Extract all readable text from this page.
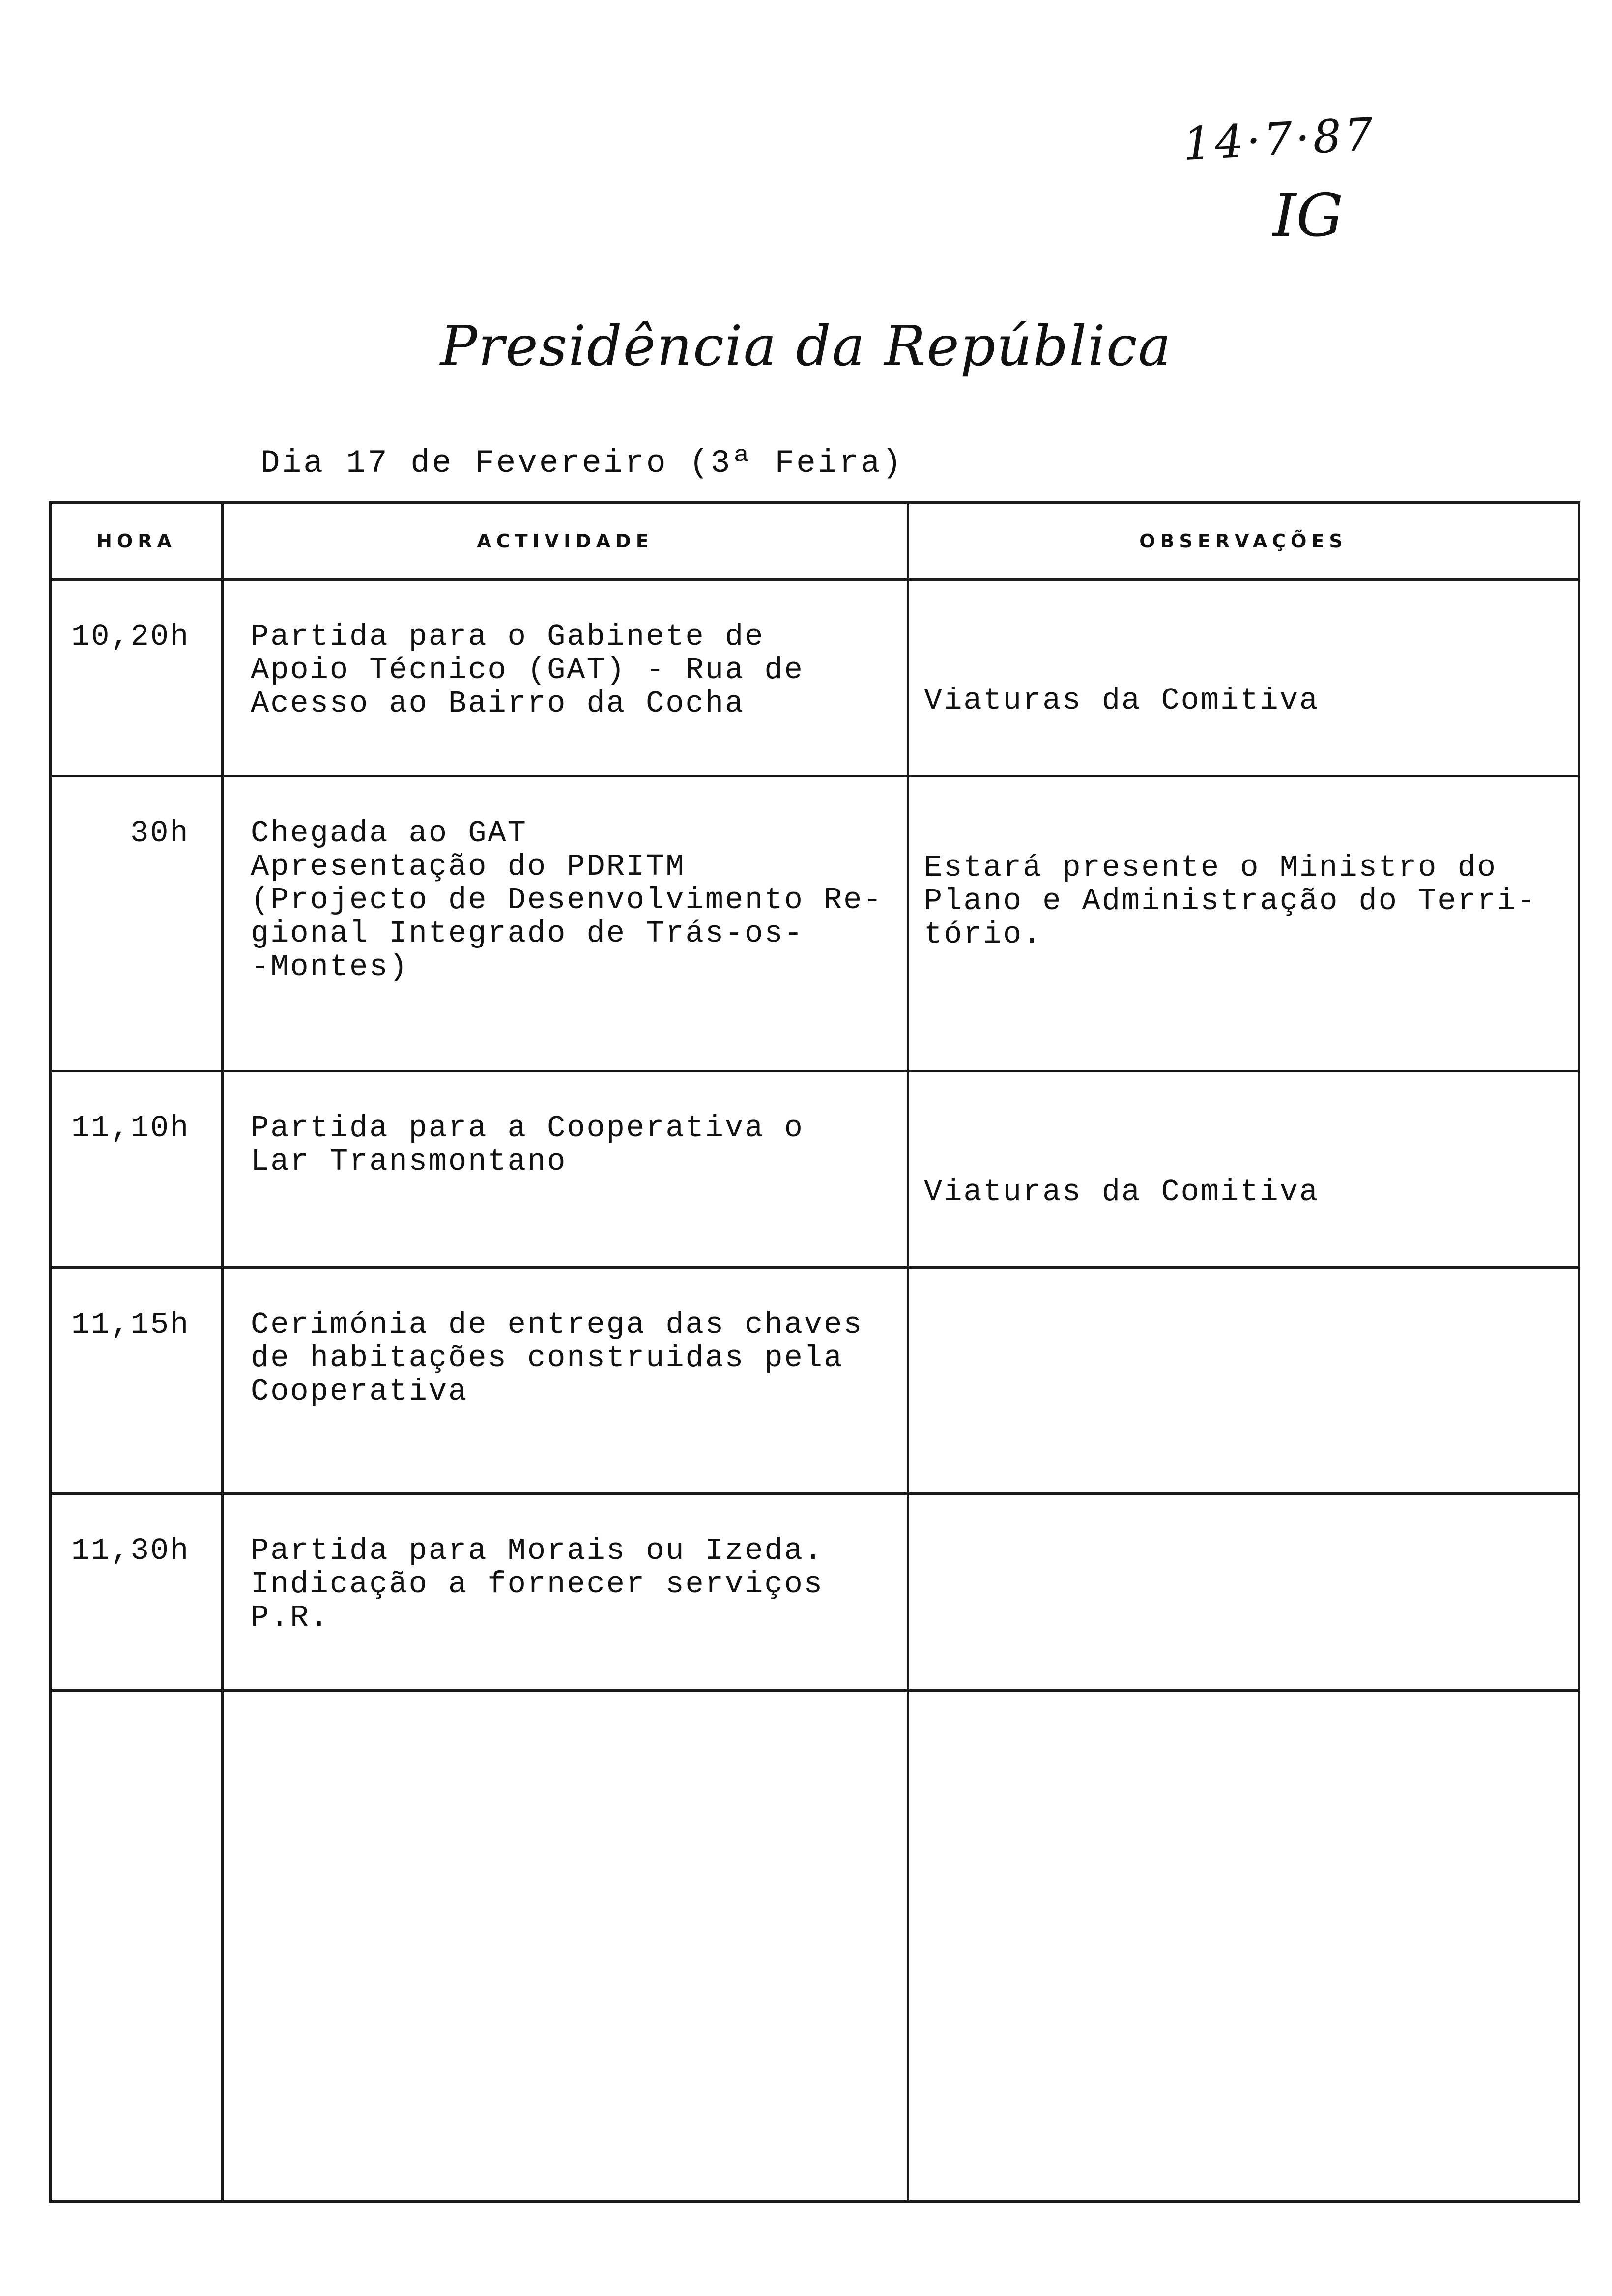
14·7·87
IG
Presidência da República
Dia 17 de Fevereiro (3ª Feira)
HORA	ACTIVIDADE	OBSERVAÇÕES
10,20h	Partida para o Gabinete de
Apoio Técnico (GAT) - Rua de
Acesso ao Bairro da Cocha	Viaturas da Comitiva
30h	Chegada ao GAT
Apresentação do PDRITM
(Projecto de Desenvolvimento Re-
gional Integrado de Trás-os-
-Montes)	Estará presente o Ministro do
Plano e Administração do Terri-
tório.
11,10h	Partida para a Cooperativa o
Lar Transmontano	Viaturas da Comitiva
11,15h	Cerimónia de entrega das chaves
de habitações construidas pela
Cooperativa	
11,30h	Partida para Morais ou Izeda.
Indicação a fornecer serviços
P.R.	
